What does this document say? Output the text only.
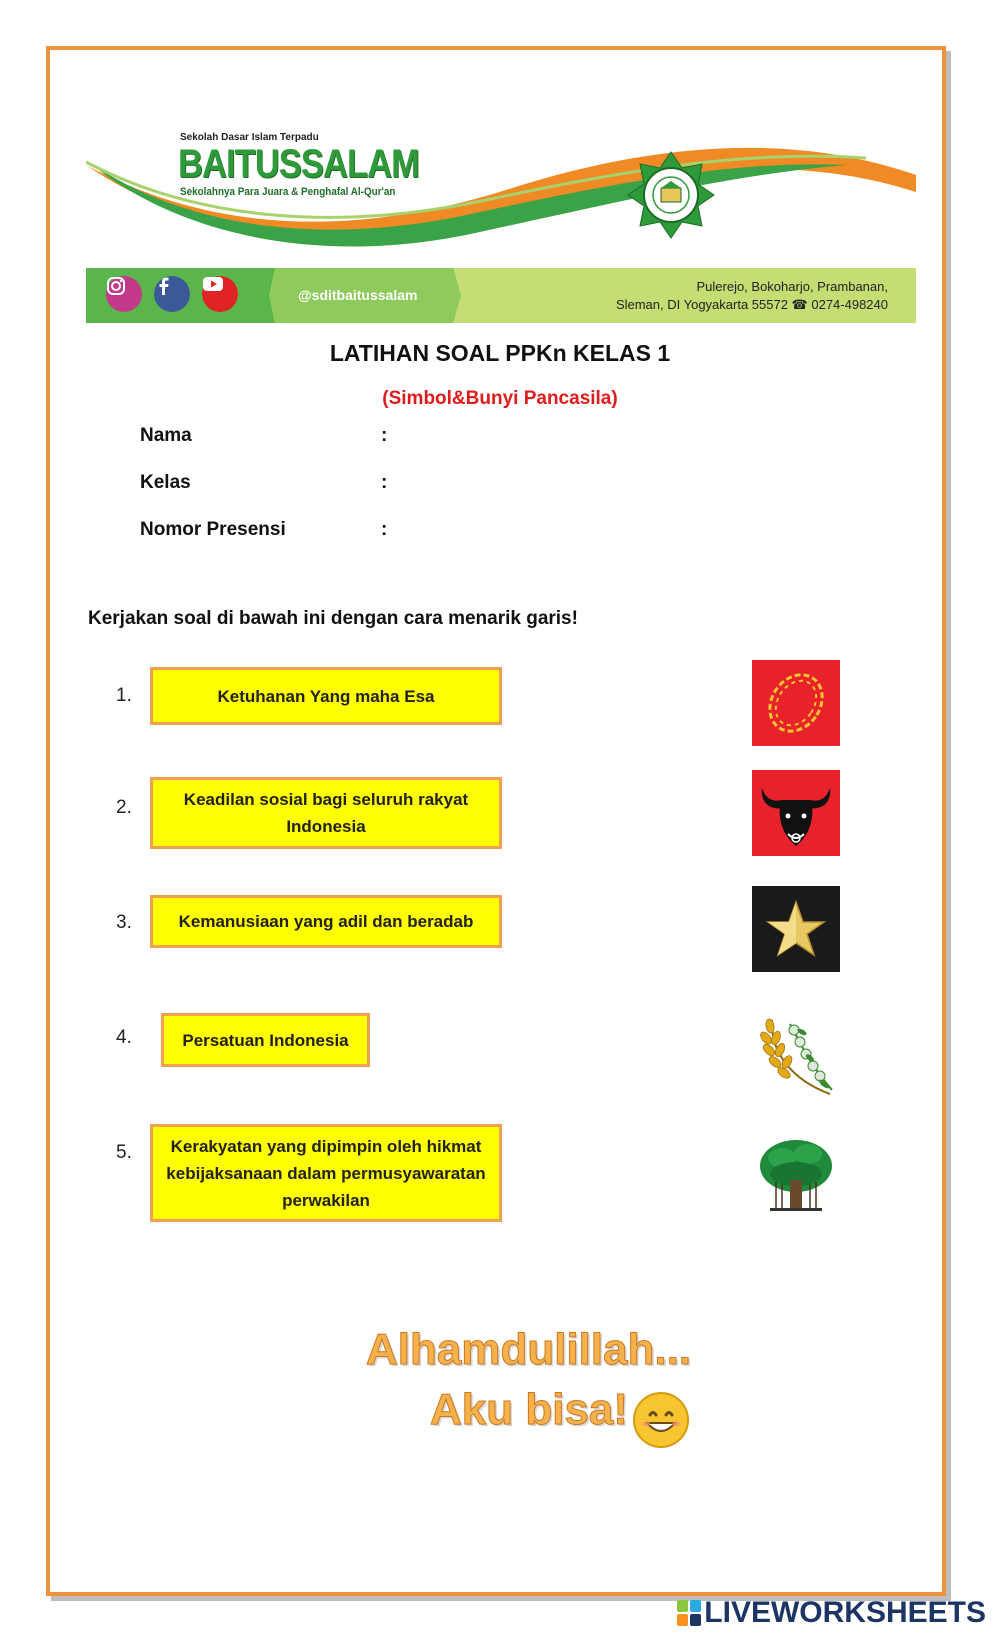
Sekolah Dasar Islam Terpadu
BAITUSSALAM
Sekolahnya Para Juara & Penghafal Al-Qur'an
@sditbaitussalam
Pulerejo, Bokoharjo, Prambanan,
Sleman, DI Yogyakarta 55572 ☎ 0274-498240
LATIHAN SOAL PPKn KELAS 1
(Simbol&Bunyi Pancasila)
Nama	:
Kelas	:
Nomor Presensi	:
Kerjakan soal di bawah ini dengan cara menarik garis!
1.	Ketuhanan Yang maha Esa
2.	Keadilan sosial bagi seluruh rakyat Indonesia
3.	Kemanusiaan yang adil dan beradab
4.	Persatuan Indonesia
5.	Kerakyatan yang dipimpin oleh hikmat kebijaksanaan dalam permusyawaratan perwakilan
Alhamdulillah...
Aku bisa!
LIVEWORKSHEETS
